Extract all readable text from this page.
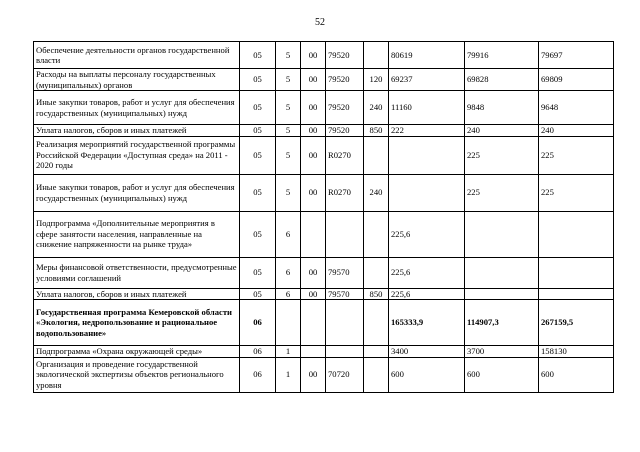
52
Обеспечение деятельности органов государственной власти	05	5	00	79520		80619	79916	79697
Расходы на выплаты персоналу государственных (муниципальных) органов	05	5	00	79520	120	69237	69828	69809
Иные закупки товаров, работ и услуг для обеспечения государственных (муниципальных) нужд	05	5	00	79520	240	11160	9848	9648
Уплата налогов, сборов и иных платежей	05	5	00	79520	850	222	240	240
Реализация мероприятий государственной программы Российской Федерации «Доступная среда» на 2011 - 2020 годы	05	5	00	R0270			225	225
Иные закупки товаров, работ и услуг для обеспечения государственных (муниципальных) нужд	05	5	00	R0270	240		225	225
Подпрограмма «Дополнительные мероприятия в сфере занятости населения, направленные на снижение напряженности на рынке труда»	05	6				225,6		
Меры финансовой ответственности, предусмотренные условиями соглашений	05	6	00	79570		225,6		
Уплата налогов, сборов и иных платежей	05	6	00	79570	850	225,6		
Государственная программа Кемеровской области «Экология, недропользование и рациональное водопользование»	06					165333,9	114907,3	267159,5
Подпрограмма «Охрана окружающей среды»	06	1				3400	3700	158130
Организация и проведение государственной экологической экспертизы объектов регионального уровня	06	1	00	70720		600	600	600
